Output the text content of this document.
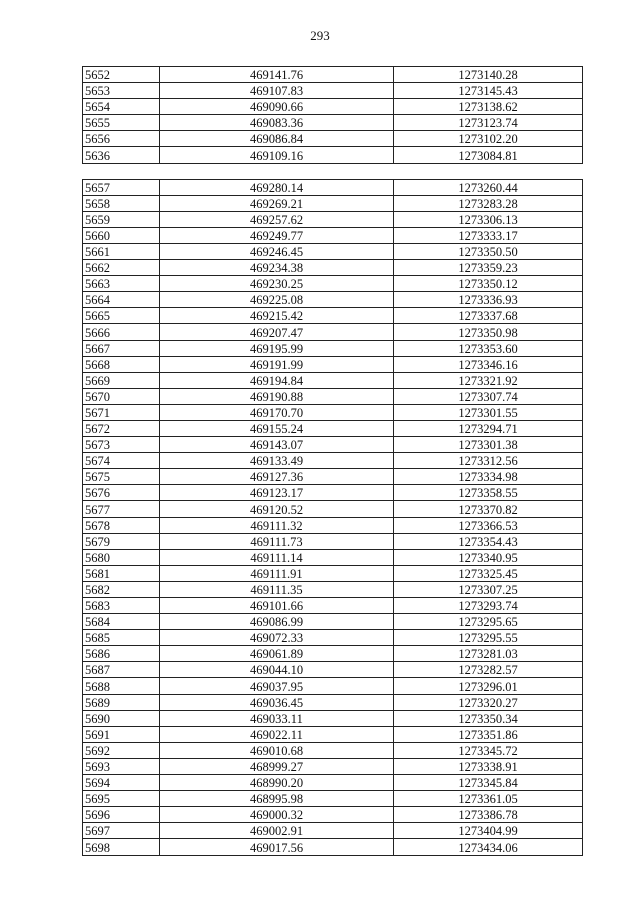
293
5652	469141.76	1273140.28
5653	469107.83	1273145.43
5654	469090.66	1273138.62
5655	469083.36	1273123.74
5656	469086.84	1273102.20
5636	469109.16	1273084.81

5657	469280.14	1273260.44
5658	469269.21	1273283.28
5659	469257.62	1273306.13
5660	469249.77	1273333.17
5661	469246.45	1273350.50
5662	469234.38	1273359.23
5663	469230.25	1273350.12
5664	469225.08	1273336.93
5665	469215.42	1273337.68
5666	469207.47	1273350.98
5667	469195.99	1273353.60
5668	469191.99	1273346.16
5669	469194.84	1273321.92
5670	469190.88	1273307.74
5671	469170.70	1273301.55
5672	469155.24	1273294.71
5673	469143.07	1273301.38
5674	469133.49	1273312.56
5675	469127.36	1273334.98
5676	469123.17	1273358.55
5677	469120.52	1273370.82
5678	469111.32	1273366.53
5679	469111.73	1273354.43
5680	469111.14	1273340.95
5681	469111.91	1273325.45
5682	469111.35	1273307.25
5683	469101.66	1273293.74
5684	469086.99	1273295.65
5685	469072.33	1273295.55
5686	469061.89	1273281.03
5687	469044.10	1273282.57
5688	469037.95	1273296.01
5689	469036.45	1273320.27
5690	469033.11	1273350.34
5691	469022.11	1273351.86
5692	469010.68	1273345.72
5693	468999.27	1273338.91
5694	468990.20	1273345.84
5695	468995.98	1273361.05
5696	469000.32	1273386.78
5697	469002.91	1273404.99
5698	469017.56	1273434.06
